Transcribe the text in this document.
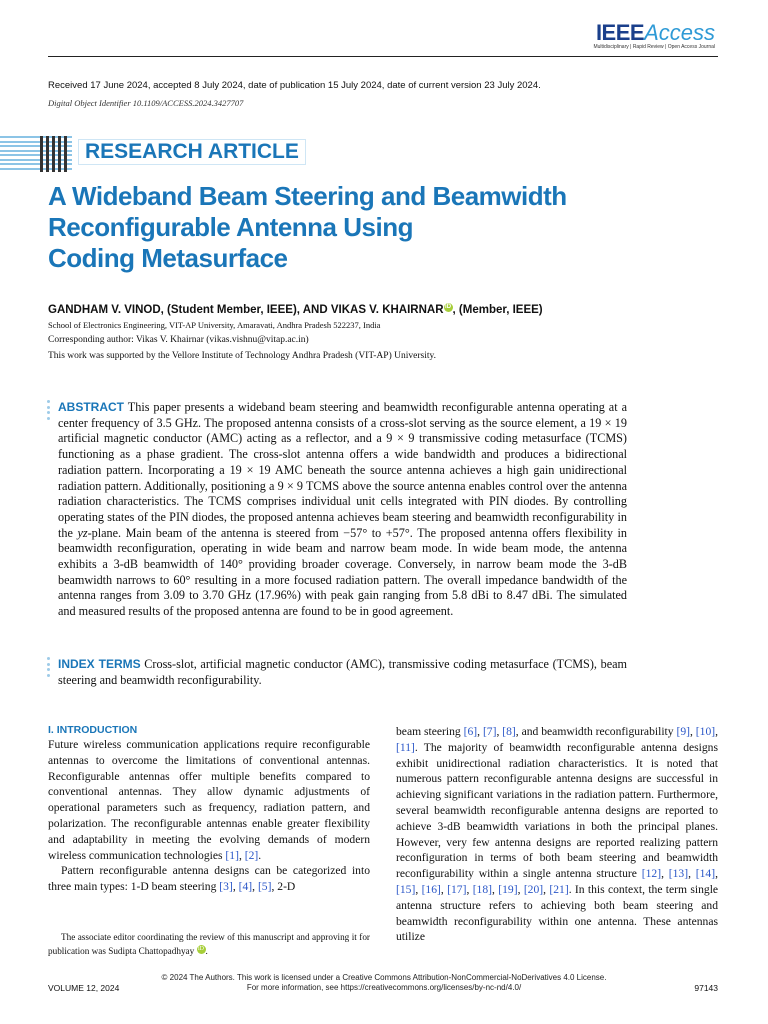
IEEEAccess
Multidisciplinary | Rapid Review | Open Access Journal
Received 17 June 2024, accepted 8 July 2024, date of publication 15 July 2024, date of current version 23 July 2024.
Digital Object Identifier 10.1109/ACCESS.2024.3427707
RESEARCH ARTICLE
A Wideband Beam Steering and Beamwidth
Reconfigurable Antenna Using
Coding Metasurface
GANDHAM V. VINOD, (Student Member, IEEE), AND VIKAS V. KHAIRNAR iD , (Member, IEEE)
School of Electronics Engineering, VIT-AP University, Amaravati, Andhra Pradesh 522237, India
Corresponding author: Vikas V. Khairnar (vikas.vishnu@vitap.ac.in)
This work was supported by the Vellore Institute of Technology Andhra Pradesh (VIT-AP) University.
ABSTRACT This paper presents a wideband beam steering and beamwidth reconfigurable antenna operating at a center frequency of 3.5 GHz. The proposed antenna consists of a cross-slot serving as the source element, a 19 × 19 artificial magnetic conductor (AMC) acting as a reflector, and a 9 × 9 transmissive coding metasurface (TCMS) functioning as a phase gradient. The cross-slot antenna offers a wide bandwidth and produces a bidirectional radiation pattern. Incorporating a 19 × 19 AMC beneath the source antenna achieves a high gain unidirectional radiation pattern. Additionally, positioning a 9 × 9 TCMS above the source antenna enables control over the antenna radiation characteristics. The TCMS comprises individual unit cells integrated with PIN diodes. By controlling operating states of the PIN diodes, the proposed antenna achieves beam steering and beamwidth reconfigurability in the yz-plane. Main beam of the antenna is steered from −57° to +57°. The proposed antenna offers flexibility in beamwidth reconfiguration, operating in wide beam and narrow beam mode. In wide beam mode, the antenna exhibits a 3-dB beamwidth of 140° providing broader coverage. Conversely, in narrow beam mode the 3-dB beamwidth narrows to 60° resulting in a more focused radiation pattern. The overall impedance bandwidth of the antenna ranges from 3.09 to 3.70 GHz (17.96%) with peak gain ranging from 5.8 dBi to 8.47 dBi. The simulated and measured results of the proposed antenna are found to be in good agreement.
INDEX TERMS Cross-slot, artificial magnetic conductor (AMC), transmissive coding metasurface (TCMS), beam steering and beamwidth reconfigurability.
I. INTRODUCTION

Future wireless communication applications require reconfigurable antennas to overcome the limitations of conventional antennas. Reconfigurable antennas offer multiple benefits compared to conventional antennas. They allow dynamic adjustments of operational parameters such as frequency, radiation pattern, and polarization. The reconfigurable antennas enable greater flexibility and adaptability in meeting the evolving demands of modern wireless communication technologies [1], [2].

Pattern reconfigurable antenna designs can be categorized into three main types: 1-D beam steering [3], [4], [5], 2-D

The associate editor coordinating the review of this manuscript and approving it for publication was Sudipta Chattopadhyay iD .
beam steering [6], [7], [8], and beamwidth reconfigurability [9], [10], [11]. The majority of beamwidth reconfigurable antenna designs exhibit unidirectional radiation characteristics. It is noted that numerous pattern reconfigurable antenna designs are successful in achieving significant variations in the radiation pattern. Furthermore, several beamwidth reconfigurable antenna designs are reported to achieve 3-dB beamwidth variations in both the principal planes. However, very few antenna designs are reported realizing pattern reconfiguration in terms of both beam steering and beamwidth reconfigurability within a single antenna structure [12], [13], [14], [15], [16], [17], [18], [19], [20], [21]. In this context, the term single antenna structure refers to achieving both beam steering and beamwidth reconfigurability within one antenna. These antennas utilize
© 2024 The Authors. This work is licensed under a Creative Commons Attribution-NonCommercial-NoDerivatives 4.0 License.
For more information, see https://creativecommons.org/licenses/by-nc-nd/4.0/
VOLUME 12, 2024	97143
